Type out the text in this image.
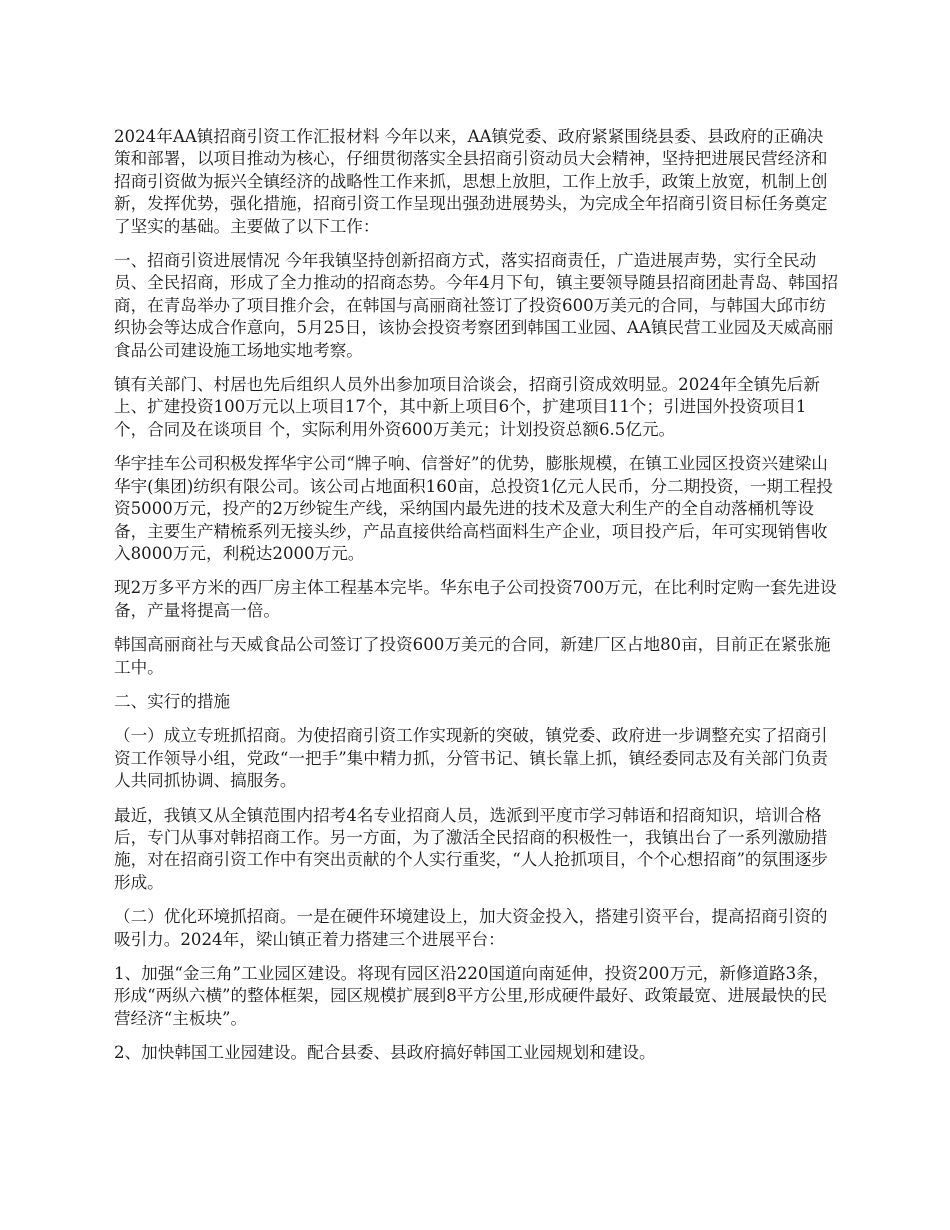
2024年AA镇招商引资工作汇报材料 今年以来，AA镇党委、政府紧紧围绕县委、县政府的正确决策和部署，以项目推动为核心，仔细贯彻落实全县招商引资动员大会精神，坚持把进展民营经济和招商引资做为振兴全镇经济的战略性工作来抓，思想上放胆，工作上放手，政策上放宽，机制上创新，发挥优势，强化措施，招商引资工作呈现出强劲进展势头，为完成全年招商引资目标任务奠定了坚实的基础。主要做了以下工作：

一、招商引资进展情况 今年我镇坚持创新招商方式，落实招商责任，广造进展声势，实行全民动员、全民招商，形成了全力推动的招商态势。今年4月下旬，镇主要领导随县招商团赴青岛、韩国招商，在青岛举办了项目推介会，在韩国与高丽商社签订了投资600万美元的合同，与韩国大邱市纺织协会等达成合作意向，5月25日，该协会投资考察团到韩国工业园、AA镇民营工业园及天威高丽食品公司建设施工场地实地考察。

镇有关部门、村居也先后组织人员外出参加项目洽谈会，招商引资成效明显。2024年全镇先后新上、扩建投资100万元以上项目17个，其中新上项目6个，扩建项目11个；引进国外投资项目1个，合同及在谈项目 个，实际利用外资600万美元；计划投资总额6.5亿元。

华宇挂车公司积极发挥华宇公司“牌子响、信誉好”的优势，膨胀规模，在镇工业园区投资兴建梁山华宇(集团)纺织有限公司。该公司占地面积160亩，总投资1亿元人民币，分二期投资，一期工程投资5000万元，投产的2万纱锭生产线，采纳国内最先进的技术及意大利生产的全自动落桶机等设备，主要生产精梳系列无接头纱，产品直接供给高档面料生产企业，项目投产后，年可实现销售收入8000万元，利税达2000万元。

现2万多平方米的西厂房主体工程基本完毕。华东电子公司投资700万元，在比利时定购一套先进设备，产量将提高一倍。

韩国高丽商社与天威食品公司签订了投资600万美元的合同，新建厂区占地80亩，目前正在紧张施工中。

二、实行的措施

（一）成立专班抓招商。为使招商引资工作实现新的突破，镇党委、政府进一步调整充实了招商引资工作领导小组，党政“一把手”集中精力抓，分管书记、镇长靠上抓，镇经委同志及有关部门负责人共同抓协调、搞服务。

最近，我镇又从全镇范围内招考4名专业招商人员，选派到平度市学习韩语和招商知识，培训合格后，专门从事对韩招商工作。另一方面，为了激活全民招商的积极性一，我镇出台了一系列激励措施，对在招商引资工作中有突出贡献的个人实行重奖，“人人抢抓项目，个个心想招商”的氛围逐步形成。

（二）优化环境抓招商。一是在硬件环境建设上，加大资金投入，搭建引资平台，提高招商引资的吸引力。2024年，梁山镇正着力搭建三个进展平台：

1、加强“金三角”工业园区建设。将现有园区沿220国道向南延伸，投资200万元，新修道路3条，形成“两纵六横”的整体框架，园区规模扩展到8平方公里,形成硬件最好、政策最宽、进展最快的民营经济“主板块”。

2、加快韩国工业园建设。配合县委、县政府搞好韩国工业园规划和建设。
